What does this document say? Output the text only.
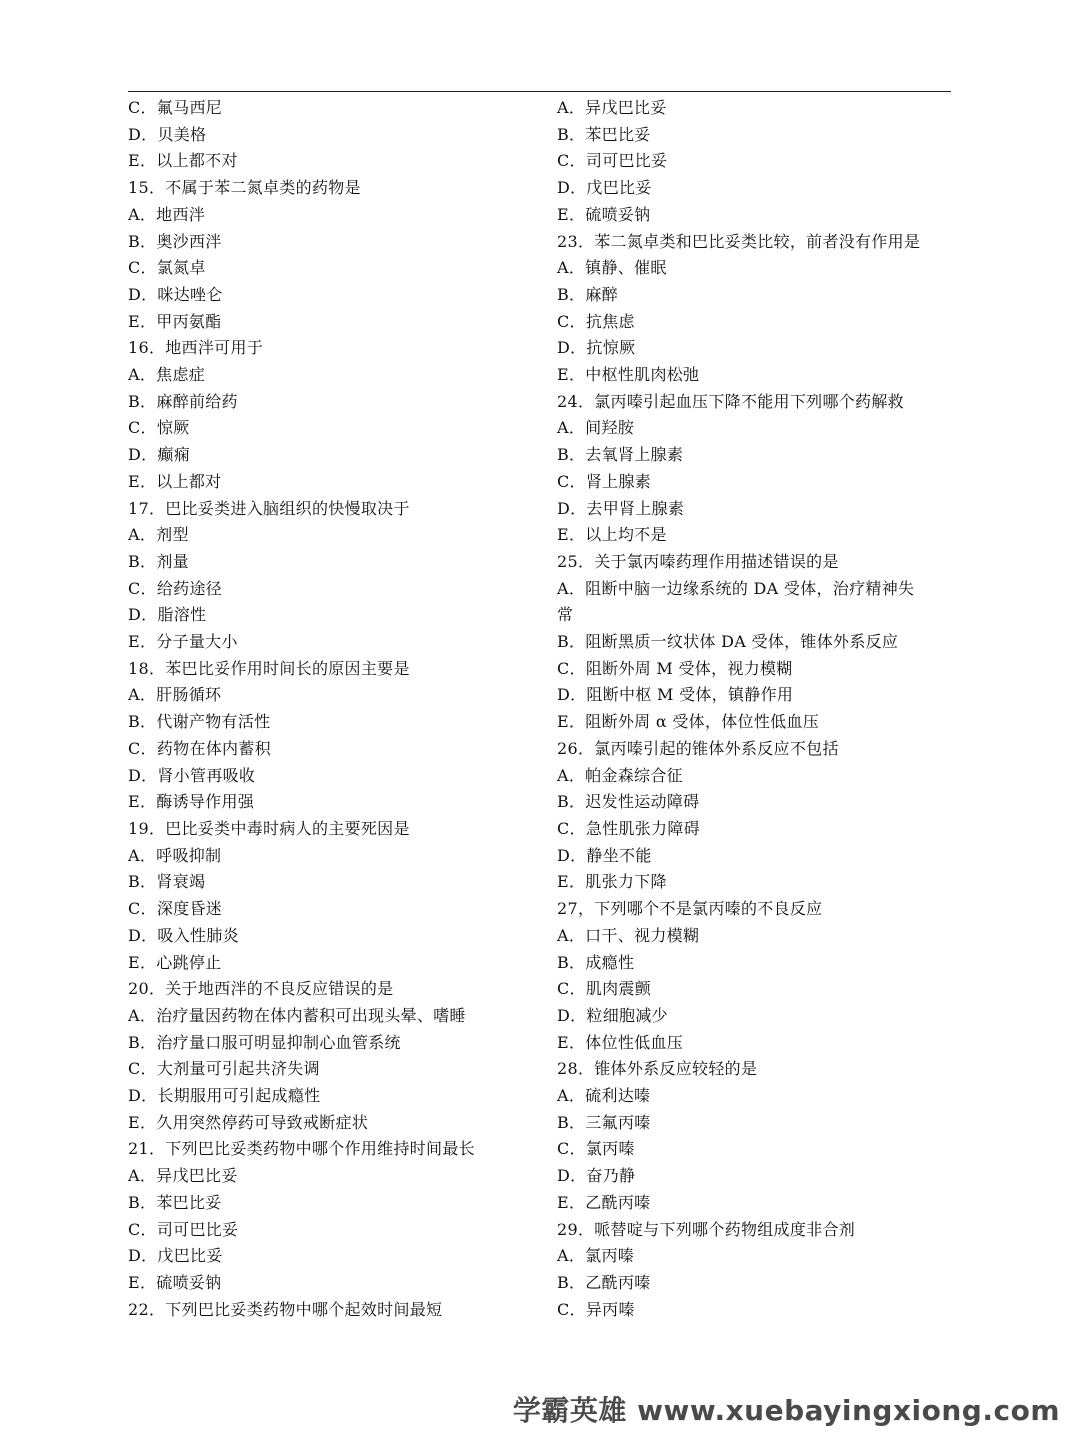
C．氟马西尼
D．贝美格
E．以上都不对
15．不属于苯二氮卓类的药物是
A．地西泮
B．奥沙西泮
C．氯氮卓
D．咪达唑仑
E．甲丙氨酯
16．地西泮可用于
A．焦虑症
B．麻醉前给药
C．惊厥
D．癫痫
E．以上都对
17．巴比妥类进入脑组织的快慢取决于
A．剂型
B．剂量
C．给药途径
D．脂溶性
E．分子量大小
18．苯巴比妥作用时间长的原因主要是
A．肝肠循环
B．代谢产物有活性
C．药物在体内蓄积
D．肾小管再吸收
E．酶诱导作用强
19．巴比妥类中毒时病人的主要死因是
A．呼吸抑制
B．肾衰竭
C．深度昏迷
D．吸入性肺炎
E．心跳停止
20．关于地西泮的不良反应错误的是
A．治疗量因药物在体内蓄积可出现头晕、嗜睡
B．治疗量口服可明显抑制心血管系统
C．大剂量可引起共济失调
D．长期服用可引起成瘾性
E．久用突然停药可导致戒断症状
21．下列巴比妥类药物中哪个作用维持时间最长
A．异戊巴比妥
B．苯巴比妥
C．司可巴比妥
D．戊巴比妥
E．硫喷妥钠
22．下列巴比妥类药物中哪个起效时间最短
A．异戊巴比妥
B．苯巴比妥
C．司可巴比妥
D．戊巴比妥
E．硫喷妥钠
23．苯二氮卓类和巴比妥类比较，前者没有作用是
A．镇静、催眠
B．麻醉
C．抗焦虑
D．抗惊厥
E．中枢性肌肉松弛
24．氯丙嗪引起血压下降不能用下列哪个药解救
A．间羟胺
B．去氧肾上腺素
C．肾上腺素
D．去甲肾上腺素
E．以上均不是
25．关于氯丙嗪药理作用描述错误的是
A．阻断中脑一边缘系统的 DA 受体，治疗精神失
常
B．阻断黑质一纹状体 DA 受体，锥体外系反应
C．阻断外周 M 受体，视力模糊
D．阻断中枢 M 受体，镇静作用
E．阻断外周 α 受体，体位性低血压
26．氯丙嗪引起的锥体外系反应不包括
A．帕金森综合征
B．迟发性运动障碍
C．急性肌张力障碍
D．静坐不能
E．肌张力下降
27，下列哪个不是氯丙嗪的不良反应
A．口干、视力模糊
B．成瘾性
C．肌肉震颤
D．粒细胞减少
E．体位性低血压
28．锥体外系反应较轻的是
A．硫利达嗪
B．三氟丙嗪
C．氯丙嗪
D．奋乃静
E．乙酰丙嗪
29．哌替啶与下列哪个药物组成度非合剂
A．氯丙嗪
B．乙酰丙嗪
C．异丙嗪
学霸英雄 www.xuebayingxiong.com
